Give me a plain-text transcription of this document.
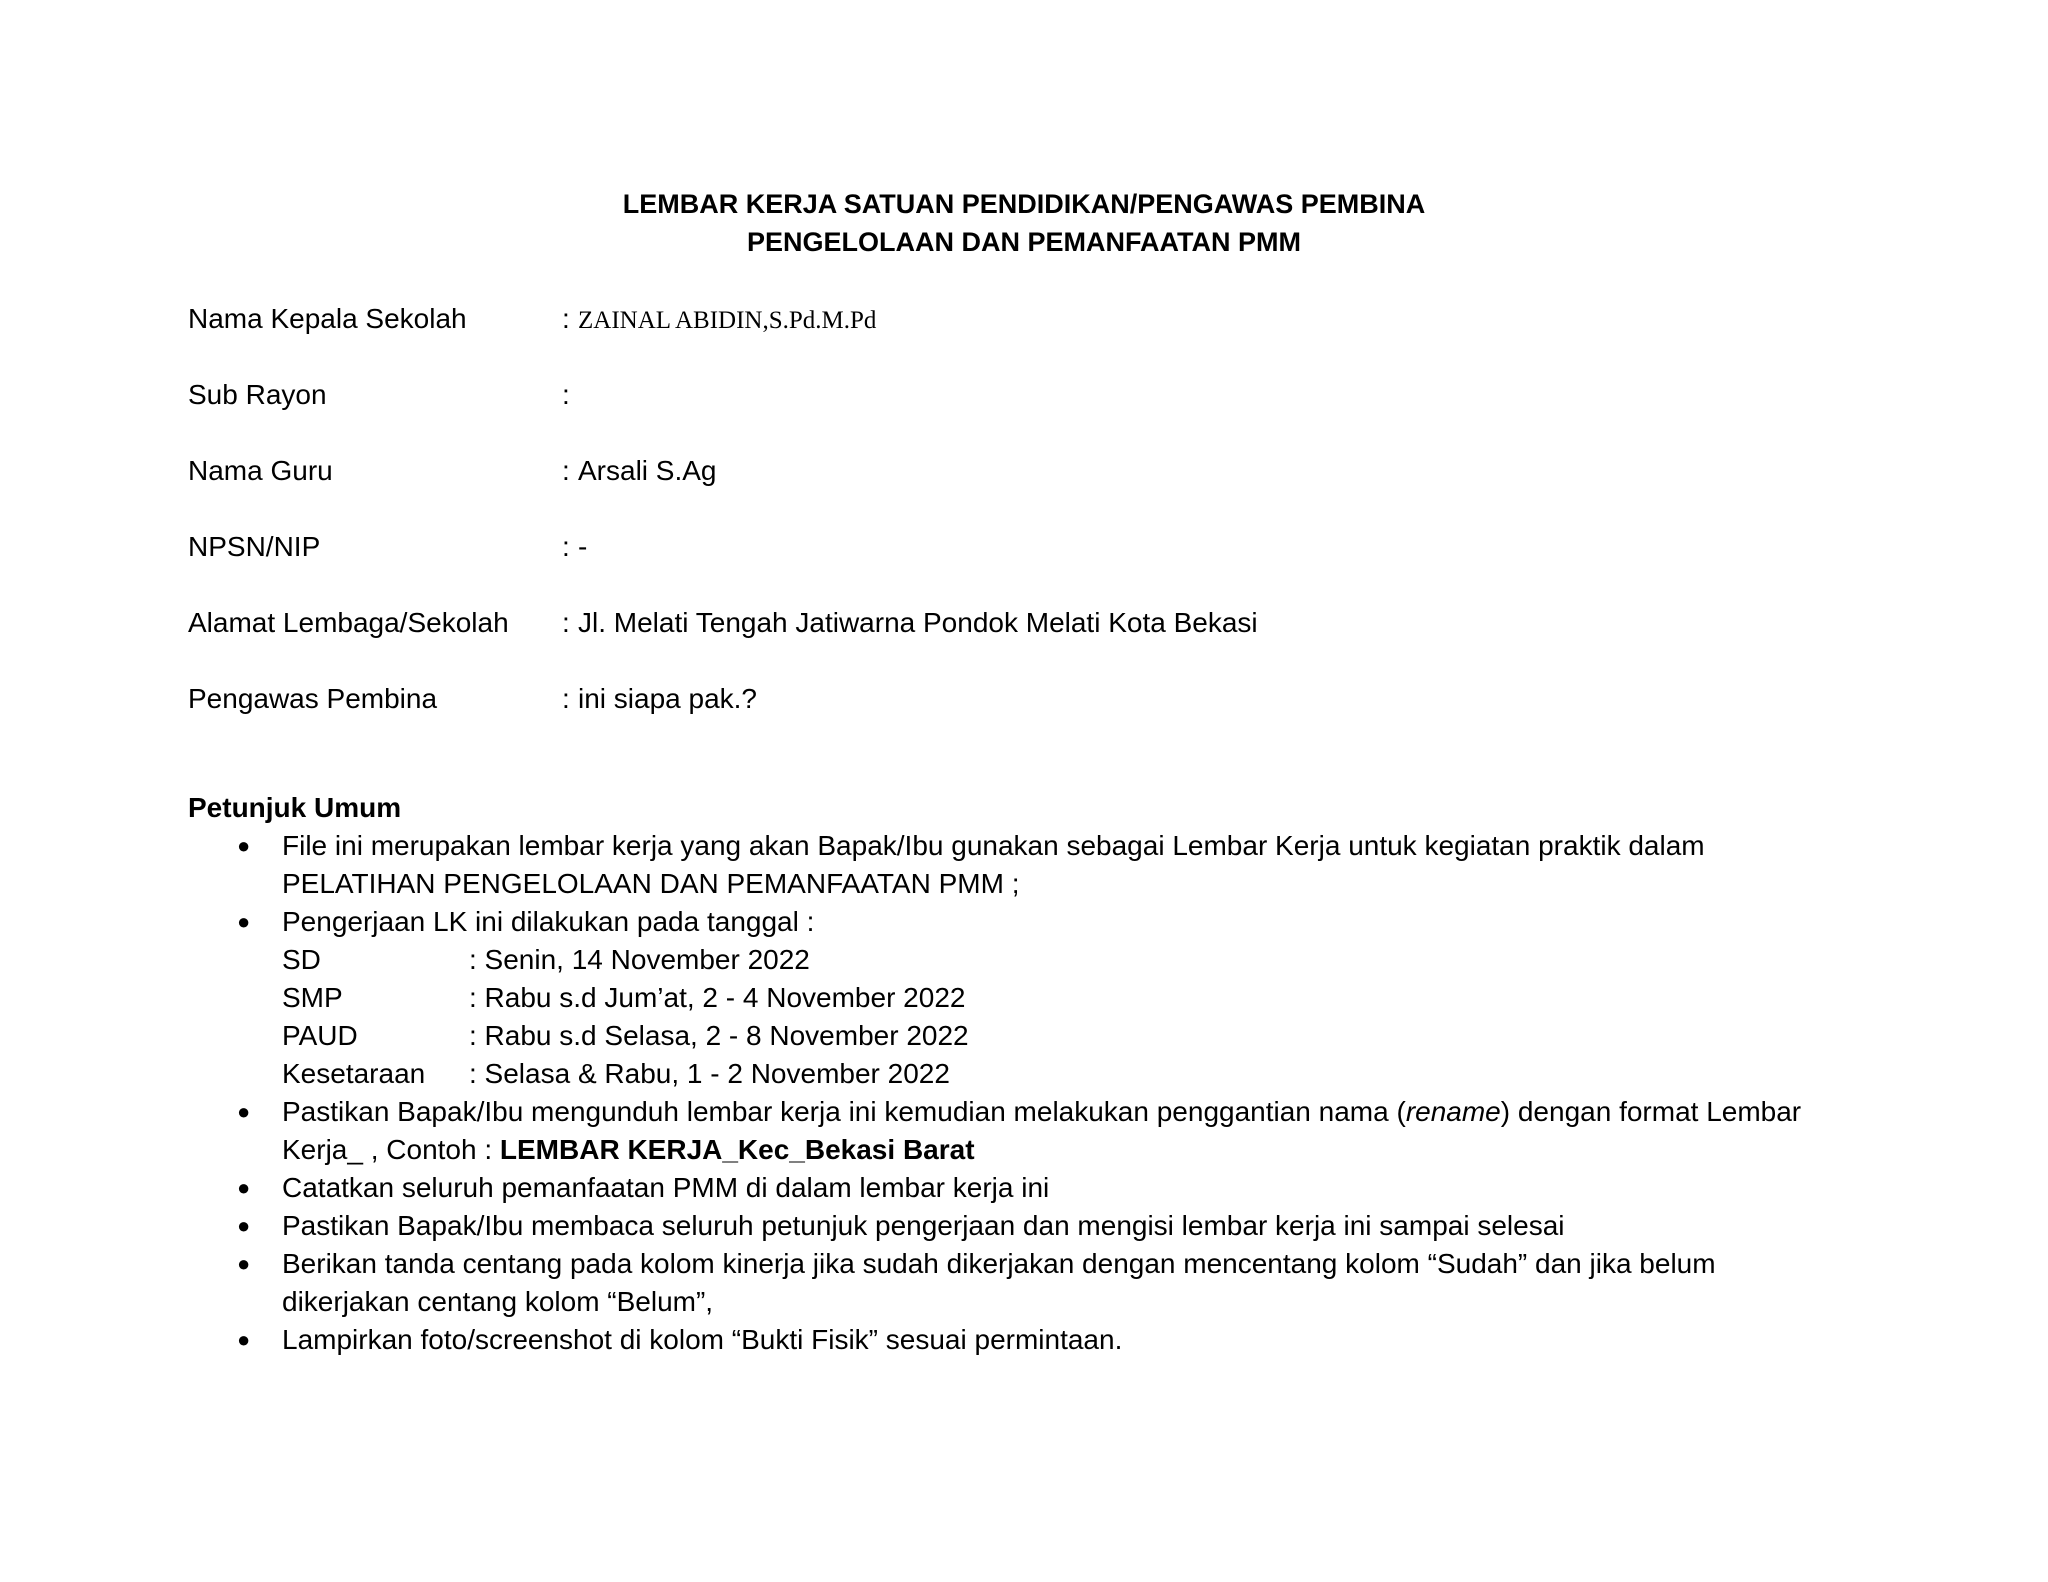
LEMBAR KERJA SATUAN PENDIDIKAN/PENGAWAS PEMBINA
PENGELOLAAN DAN PEMANFAATAN PMM
Nama Kepala Sekolah	: ZAINAL ABIDIN,S.Pd.M.Pd
Sub Rayon	:
Nama Guru	: Arsali S.Ag
NPSN/NIP	: -
Alamat Lembaga/Sekolah : Jl. Melati Tengah Jatiwarna Pondok Melati Kota Bekasi
Pengawas Pembina	: ini siapa pak.?
Petunjuk Umum
● File ini merupakan lembar kerja yang akan Bapak/Ibu gunakan sebagai Lembar Kerja untuk kegiatan praktik dalam PELATIHAN PENGELOLAAN DAN PEMANFAATAN PMM ;
● Pengerjaan LK ini dilakukan pada tanggal :
SD	: Senin, 14 November 2022
SMP	: Rabu s.d Jum’at, 2 - 4 November 2022
PAUD	: Rabu s.d Selasa, 2 - 8 November 2022
Kesetaraan : Selasa & Rabu, 1 - 2 November 2022
● Pastikan Bapak/Ibu mengunduh lembar kerja ini kemudian melakukan penggantian nama (rename) dengan format Lembar Kerja_ , Contoh : LEMBAR KERJA_Kec_Bekasi Barat
● Catatkan seluruh pemanfaatan PMM di dalam lembar kerja ini
● Pastikan Bapak/Ibu membaca seluruh petunjuk pengerjaan dan mengisi lembar kerja ini sampai selesai
● Berikan tanda centang pada kolom kinerja jika sudah dikerjakan dengan mencentang kolom “Sudah” dan jika belum dikerjakan centang kolom “Belum”,
● Lampirkan foto/screenshot di kolom “Bukti Fisik” sesuai permintaan.
